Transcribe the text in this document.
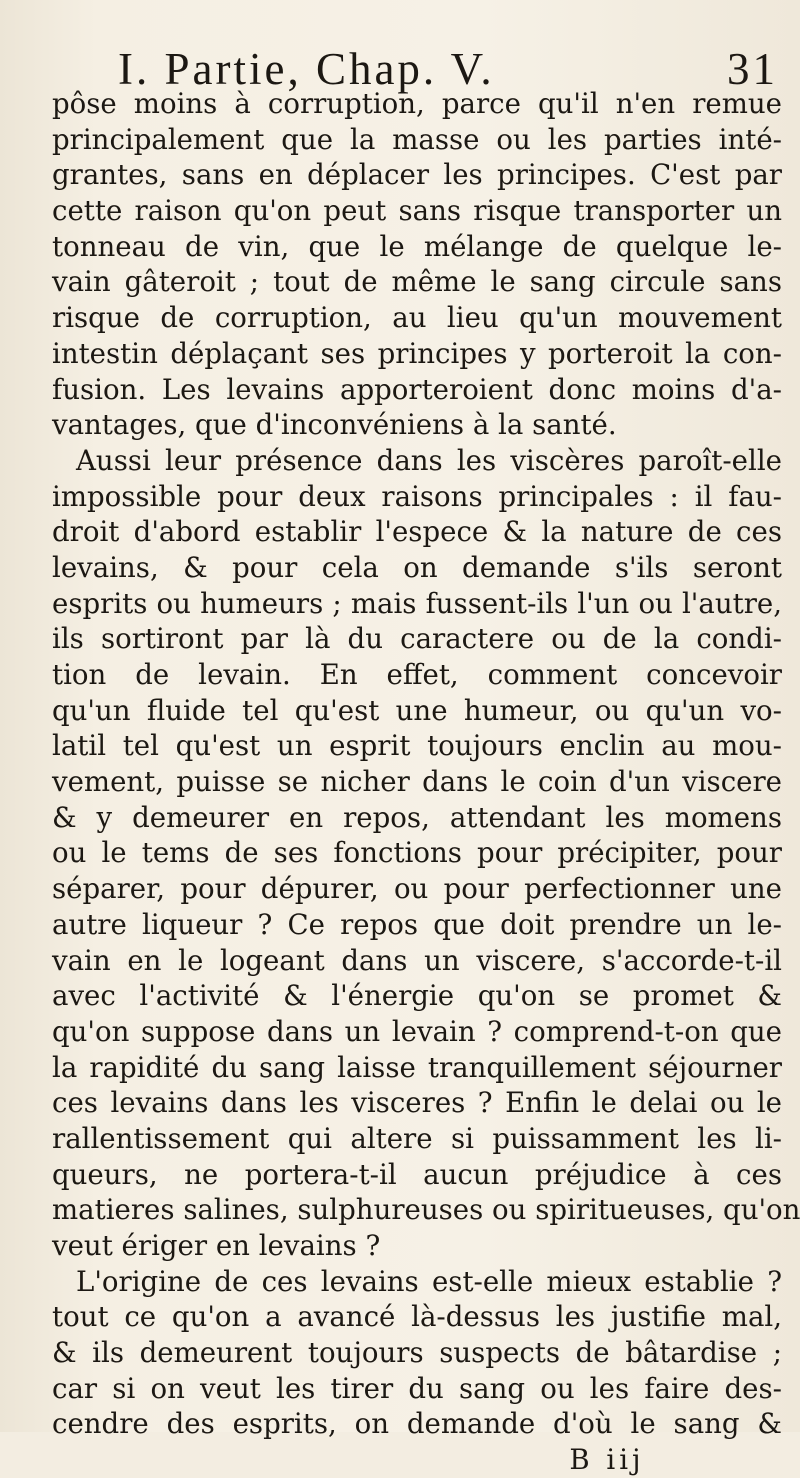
I. Partie, Chap. V.	31
pôse moins à corruption, parce qu'il n'en remue
principalement que la masse ou les parties inté-
grantes, sans en déplacer les principes. C'est par
cette raison qu'on peut sans risque transporter un
tonneau de vin, que le mélange de quelque le-
vain gâteroit ; tout de même le sang circule sans
risque de corruption, au lieu qu'un mouvement
intestin déplaçant ses principes y porteroit la con-
fusion. Les levains apporteroient donc moins d'a-
vantages, que d'inconvéniens à la santé.
Aussi leur présence dans les viscères paroît-elle
impossible pour deux raisons principales : il fau-
droit d'abord establir l'espece & la nature de ces
levains, & pour cela on demande s'ils seront
esprits ou humeurs ; mais fussent-ils l'un ou l'autre,
ils sortiront par là du caractere ou de la condi-
tion de levain. En effet, comment concevoir
qu'un fluide tel qu'est une humeur, ou qu'un vo-
latil tel qu'est un esprit toujours enclin au mou-
vement, puisse se nicher dans le coin d'un viscere
& y demeurer en repos, attendant les momens
ou le tems de ses fonctions pour précipiter, pour
séparer, pour dépurer, ou pour perfectionner une
autre liqueur ? Ce repos que doit prendre un le-
vain en le logeant dans un viscere, s'accorde-t-il
avec l'activité & l'énergie qu'on se promet &
qu'on suppose dans un levain ? comprend-t-on que
la rapidité du sang laisse tranquillement séjourner
ces levains dans les visceres ? Enfin le delai ou le
rallentissement qui altere si puissamment les li-
queurs, ne portera-t-il aucun préjudice à ces
matieres salines, sulphureuses ou spiritueuses, qu'on
veut ériger en levains ?
L'origine de ces levains est-elle mieux establie ?
tout ce qu'on a avancé là-dessus les justifie mal,
& ils demeurent toujours suspects de bâtardise ;
car si on veut les tirer du sang ou les faire des-
cendre des esprits, on demande d'où le sang &
B iij
